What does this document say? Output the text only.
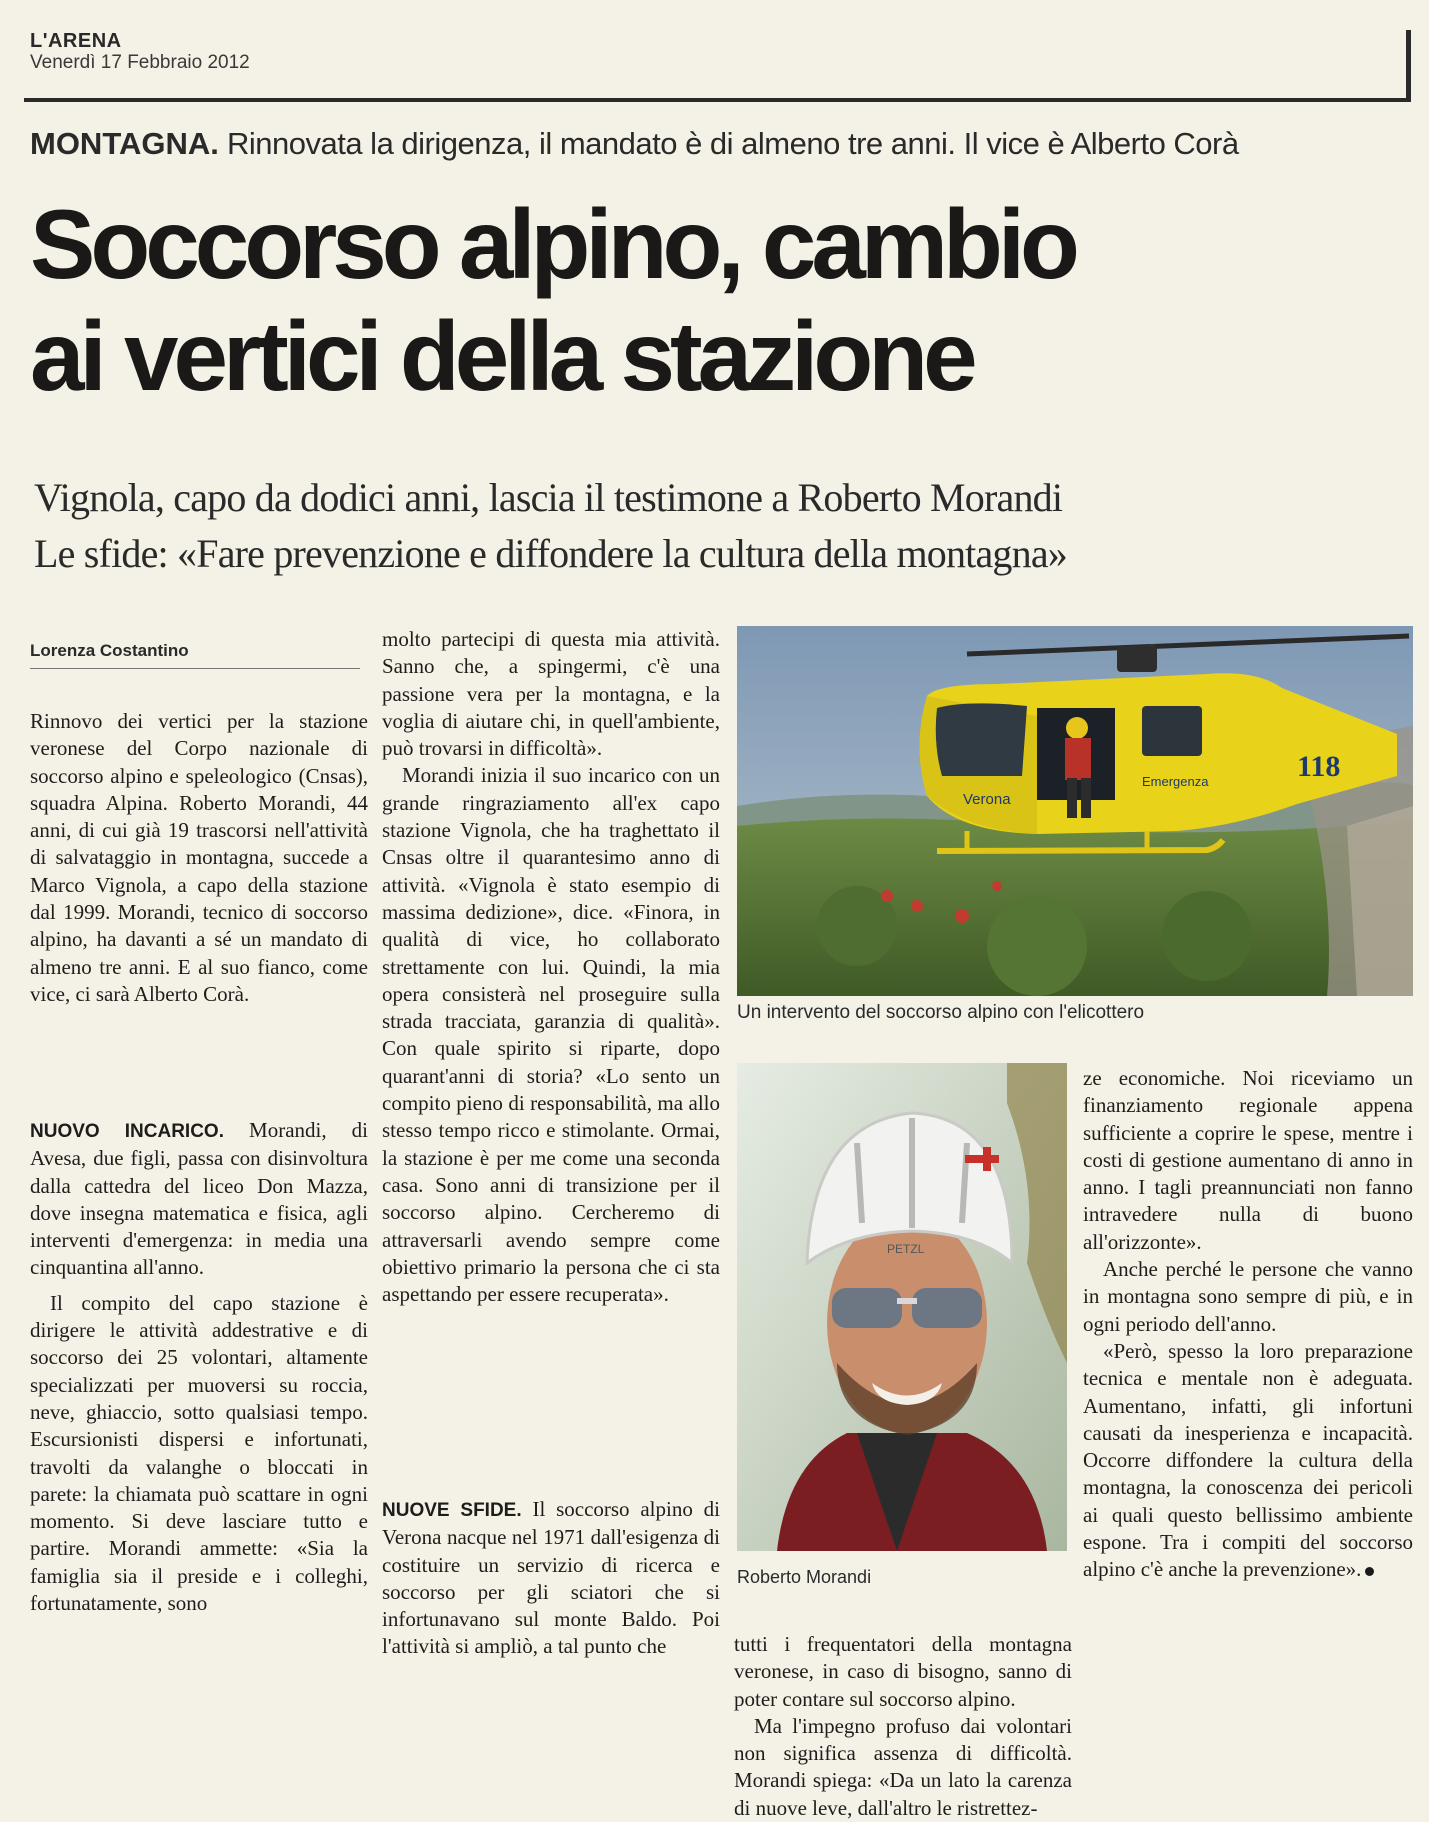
L'ARENA
Venerdì 17 Febbraio 2012
MONTAGNA. Rinnovata la dirigenza, il mandato è di almeno tre anni. Il vice è Alberto Corà
Soccorso alpino, cambio
ai vertici della stazione
Vignola, capo da dodici anni, lascia il testimone a Roberto Morandi
Le sfide: «Fare prevenzione e diffondere la cultura della montagna»
Lorenza Costantino

Rinnovo dei vertici per la stazione veronese del Corpo nazionale di soccorso alpino e speleologico (Cnsas), squadra Alpina. Roberto Morandi, 44 anni, di cui già 19 trascorsi nell'attività di salvataggio in montagna, succede a Marco Vignola, a capo della stazione dal 1999. Morandi, tecnico di soccorso alpino, ha davanti a sé un mandato di almeno tre anni. E al suo fianco, come vice, ci sarà Alberto Corà.

NUOVO INCARICO. Morandi, di Avesa, due figli, passa con disinvoltura dalla cattedra del liceo Don Mazza, dove insegna matematica e fisica, agli interventi d'emergenza: in media una cinquantina all'anno.

Il compito del capo stazione è dirigere le attività addestrative e di soccorso dei 25 volontari, altamente specializzati per muoversi su roccia, neve, ghiaccio, sotto qualsiasi tempo. Escursionisti dispersi e infortunati, travolti da valanghe o bloccati in parete: la chiamata può scattare in ogni momento. Si deve lasciare tutto e partire. Morandi ammette: «Sia la famiglia sia il preside e i colleghi, fortunatamente, sono

molto partecipi di questa mia attività. Sanno che, a spingermi, c'è una passione vera per la montagna, e la voglia di aiutare chi, in quell'ambiente, può trovarsi in difficoltà».

Morandi inizia il suo incarico con un grande ringraziamento all'ex capo stazione Vignola, che ha traghettato il Cnsas oltre il quarantesimo anno di attività. «Vignola è stato esempio di massima dedizione», dice. «Finora, in qualità di vice, ho collaborato strettamente con lui. Quindi, la mia opera consisterà nel proseguire sulla strada tracciata, garanzia di qualità». Con quale spirito si riparte, dopo quarant'anni di storia? «Lo sento un compito pieno di responsabilità, ma allo stesso tempo ricco e stimolante. Ormai, la stazione è per me come una seconda casa. Sono anni di transizione per il soccorso alpino. Cercheremo di attraversarli avendo sempre come obiettivo primario la persona che ci sta aspettando per essere recuperata».

NUOVE SFIDE. Il soccorso alpino di Verona nacque nel 1971 dall'esigenza di costituire un servizio di ricerca e soccorso per gli sciatori che si infortunavano sul monte Baldo. Poi l'attività si ampliò, a tal punto che

Verona
Emergenza	118
Un intervento del soccorso alpino con l'elicottero
PETZL
Roberto Morandi

tutti i frequentatori della montagna veronese, in caso di bisogno, sanno di poter contare sul soccorso alpino.

Ma l'impegno profuso dai volontari non significa assenza di difficoltà. Morandi spiega: «Da un lato la carenza di nuove leve, dall'altro le ristrettez-

ze economiche. Noi riceviamo un finanziamento regionale appena sufficiente a coprire le spese, mentre i costi di gestione aumentano di anno in anno. I tagli preannunciati non fanno intravedere nulla di buono all'orizzonte».

Anche perché le persone che vanno in montagna sono sempre di più, e in ogni periodo dell'anno.

«Però, spesso la loro preparazione tecnica e mentale non è adeguata. Aumentano, infatti, gli infortuni causati da inesperienza e incapacità. Occorre diffondere la cultura della montagna, la conoscenza dei pericoli ai quali questo bellissimo ambiente espone. Tra i compiti del soccorso alpino c'è anche la prevenzione».
